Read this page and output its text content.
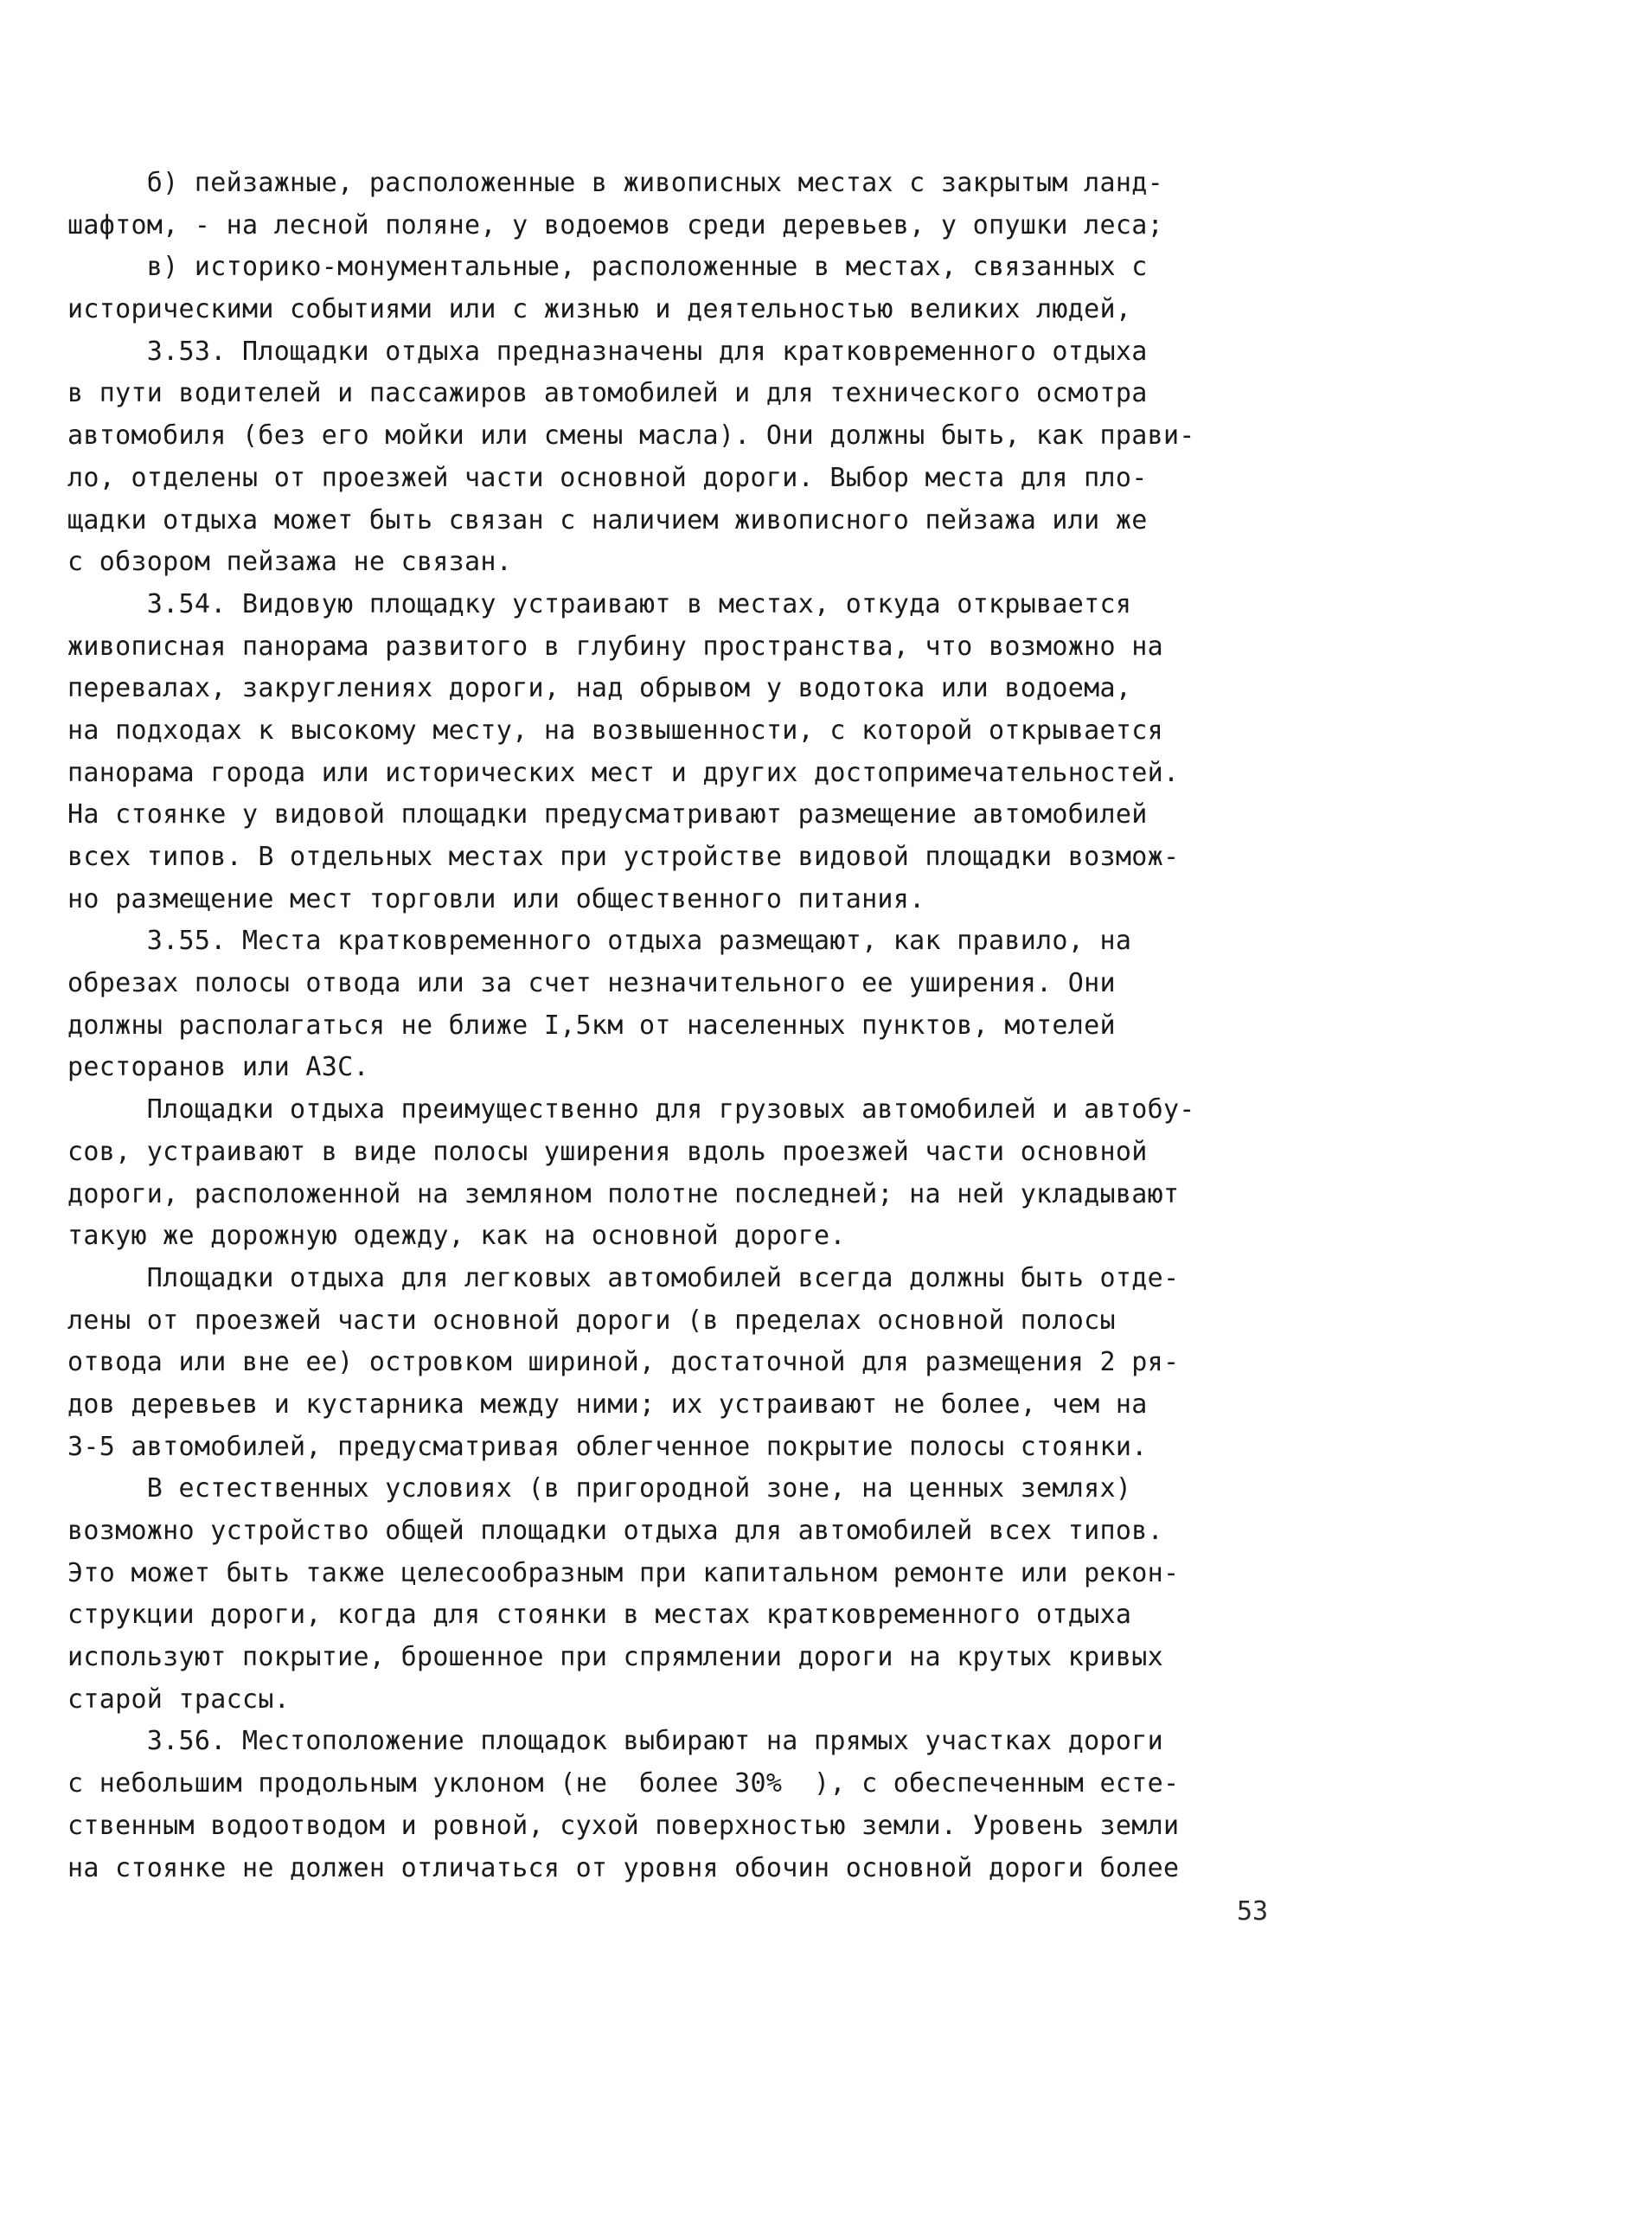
б) пейзажные, расположенные в живописных местах с закрытым ланд-
шафтом, - на лесной поляне, у водоемов среди деревьев, у опушки леса;
в) историко-монументальные, расположенные в местах, связанных с
историческими событиями или с жизнью и деятельностью великих людей,
3.53. Площадки отдыха предназначены для кратковременного отдыха
в пути водителей и пассажиров автомобилей и для технического осмотра
автомобиля (без его мойки или смены масла). Они должны быть, как прави-
ло, отделены от проезжей части основной дороги. Выбор места для пло-
щадки отдыха может быть связан с наличием живописного пейзажа или же
с обзором пейзажа не связан.
3.54. Видовую площадку устраивают в местах, откуда открывается
живописная панорама развитого в глубину пространства, что возможно на
перевалах, закруглениях дороги, над обрывом у водотока или водоема,
на подходах к высокому месту, на возвышенности, с которой открывается
панорама города или исторических мест и других достопримечательностей.
На стоянке у видовой площадки предусматривают размещение автомобилей
всех типов. В отдельных местах при устройстве видовой площадки возмож-
но размещение мест торговли или общественного питания.
3.55. Места кратковременного отдыха размещают, как правило, на
обрезах полосы отвода или за счет незначительного ее уширения. Они
должны располагаться не ближе I,5км от населенных пунктов, мотелей
ресторанов или АЗС.
Площадки отдыха преимущественно для грузовых автомобилей и автобу-
сов, устраивают в виде полосы уширения вдоль проезжей части основной
дороги, расположенной на земляном полотне последней; на ней укладывают
такую же дорожную одежду, как на основной дороге.
Площадки отдыха для легковых автомобилей всегда должны быть отде-
лены от проезжей части основной дороги (в пределах основной полосы
отвода или вне ее) островком шириной, достаточной для размещения 2 ря-
дов деревьев и кустарника между ними; их устраивают не более, чем на
3-5 автомобилей, предусматривая облегченное покрытие полосы стоянки.
В естественных условиях (в пригородной зоне, на ценных землях)
возможно устройство общей площадки отдыха для автомобилей всех типов.
Это может быть также целесообразным при капитальном ремонте или рекон-
струкции дороги, когда для стоянки в местах кратковременного отдыха
используют покрытие, брошенное при спрямлении дороги на крутых кривых
старой трассы.
3.56. Местоположение площадок выбирают на прямых участках дороги
с небольшим продольным уклоном (не  более 30%  ), с обеспеченным есте-
ственным водоотводом и ровной, сухой поверхностью земли. Уровень земли
на стоянке не должен отличаться от уровня обочин основной дороги более
53
